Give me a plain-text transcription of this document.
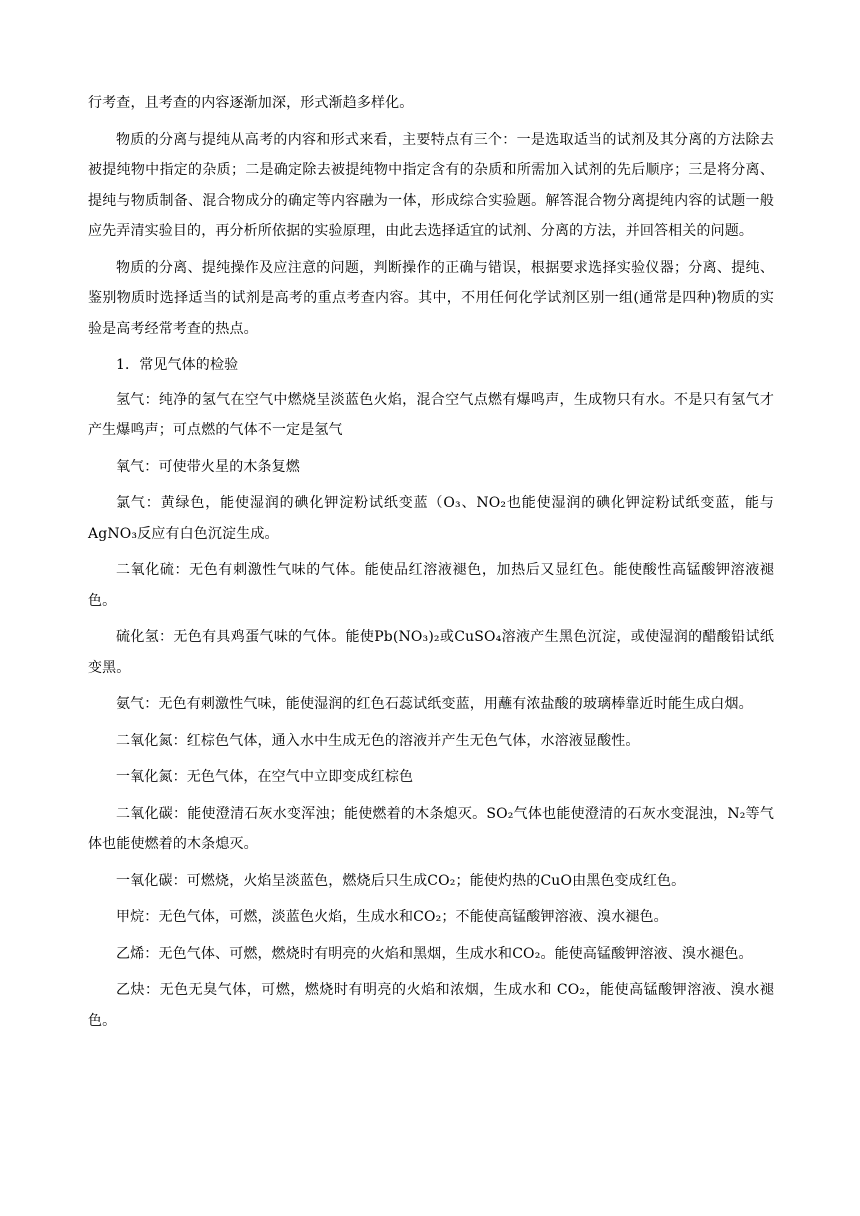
行考查，且考查的内容逐渐加深，形式渐趋多样化。

物质的分离与提纯从高考的内容和形式来看，主要特点有三个：一是选取适当的试剂及其分离的方法除去被提纯物中指定的杂质；二是确定除去被提纯物中指定含有的杂质和所需加入试剂的先后顺序；三是将分离、提纯与物质制备、混合物成分的确定等内容融为一体，形成综合实验题。解答混合物分离提纯内容的试题一般应先弄清实验目的，再分析所依据的实验原理，由此去选择适宜的试剂、分离的方法，并回答相关的问题。

物质的分离、提纯操作及应注意的问题，判断操作的正确与错误，根据要求选择实验仪器；分离、提纯、鉴别物质时选择适当的试剂是高考的重点考查内容。其中，不用任何化学试剂区别一组(通常是四种)物质的实验是高考经常考查的热点。

1．常见气体的检验

氢气：纯净的氢气在空气中燃烧呈淡蓝色火焰，混合空气点燃有爆鸣声，生成物只有水。不是只有氢气才产生爆鸣声；可点燃的气体不一定是氢气

氧气：可使带火星的木条复燃

氯气：黄绿色，能使湿润的碘化钾淀粉试纸变蓝（O₃、NO₂也能使湿润的碘化钾淀粉试纸变蓝，能与AgNO₃反应有白色沉淀生成。

二氧化硫：无色有刺激性气味的气体。能使品红溶液褪色，加热后又显红色。能使酸性高锰酸钾溶液褪色。

硫化氢：无色有具鸡蛋气味的气体。能使Pb(NO₃)₂或CuSO₄溶液产生黑色沉淀，或使湿润的醋酸铅试纸变黑。

氨气：无色有刺激性气味，能使湿润的红色石蕊试纸变蓝，用蘸有浓盐酸的玻璃棒靠近时能生成白烟。

二氧化氮：红棕色气体，通入水中生成无色的溶液并产生无色气体，水溶液显酸性。

一氧化氮：无色气体，在空气中立即变成红棕色

二氧化碳：能使澄清石灰水变浑浊；能使燃着的木条熄灭。SO₂气体也能使澄清的石灰水变混浊，N₂等气体也能使燃着的木条熄灭。

一氧化碳：可燃烧，火焰呈淡蓝色，燃烧后只生成CO₂；能使灼热的CuO由黑色变成红色。

甲烷：无色气体，可燃，淡蓝色火焰，生成水和CO₂；不能使高锰酸钾溶液、溴水褪色。

乙烯：无色气体、可燃，燃烧时有明亮的火焰和黑烟，生成水和CO₂。能使高锰酸钾溶液、溴水褪色。

乙炔：无色无臭气体，可燃，燃烧时有明亮的火焰和浓烟，生成水和 CO₂，能使高锰酸钾溶液、溴水褪色。
